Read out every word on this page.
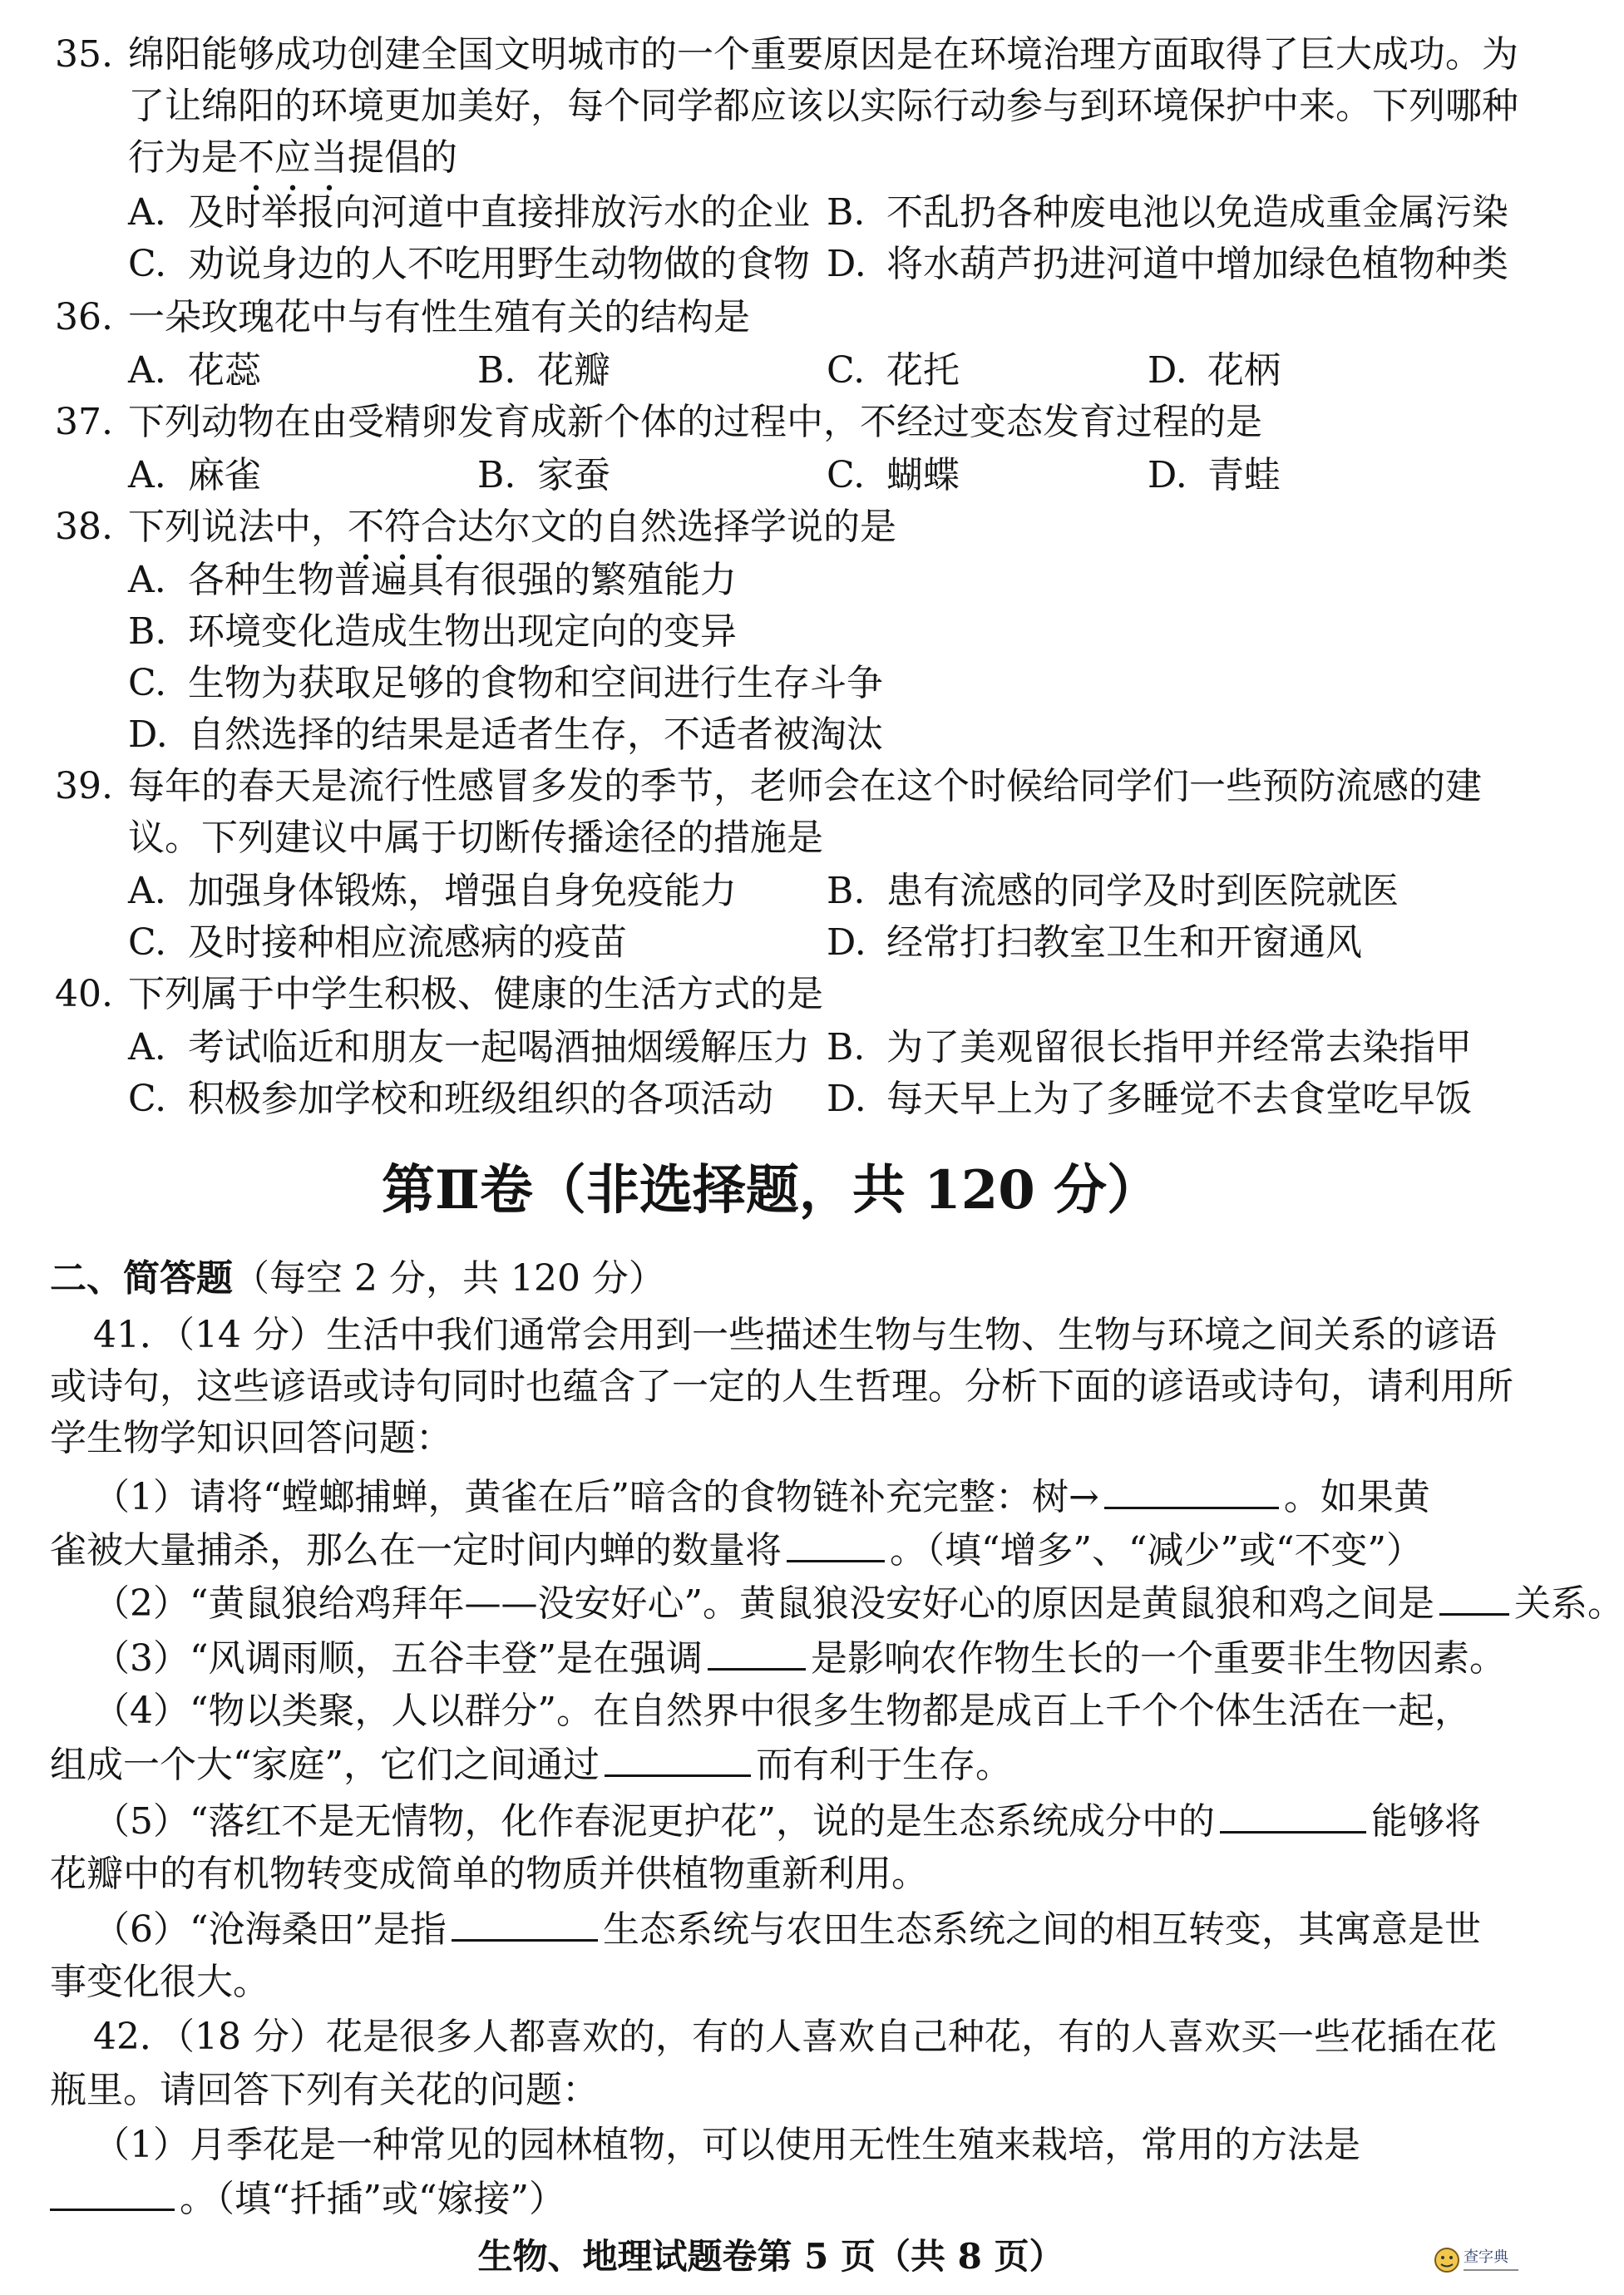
35. 绵阳能够成功创建全国文明城市的一个重要原因是在环境治理方面取得了巨大成功。为
了让绵阳的环境更加美好，每个同学都应该以实际行动参与到环境保护中来。下列哪种
行为是不应当提倡的
A. 及时举报向河道中直接排放污水的企业 B. 不乱扔各种废电池以免造成重金属污染
C. 劝说身边的人不吃用野生动物做的食物 D. 将水葫芦扔进河道中增加绿色植物种类
36. 一朵玫瑰花中与有性生殖有关的结构是
A. 花蕊	B. 花瓣	C. 花托	D. 花柄
37. 下列动物在由受精卵发育成新个体的过程中，不经过变态发育过程的是
A. 麻雀	B. 家蚕	C. 蝴蝶	D. 青蛙
38. 下列说法中，不符合达尔文的自然选择学说的是
A. 各种生物普遍具有很强的繁殖能力
B. 环境变化造成生物出现定向的变异
C. 生物为获取足够的食物和空间进行生存斗争
D. 自然选择的结果是适者生存，不适者被淘汰
39. 每年的春天是流行性感冒多发的季节，老师会在这个时候给同学们一些预防流感的建
议。下列建议中属于切断传播途径的措施是
A. 加强身体锻炼，增强自身免疫能力 B. 患有流感的同学及时到医院就医
C. 及时接种相应流感病的疫苗	D. 经常打扫教室卫生和开窗通风
40. 下列属于中学生积极、健康的生活方式的是
A. 考试临近和朋友一起喝酒抽烟缓解压力 B. 为了美观留很长指甲并经常去染指甲
C. 积极参加学校和班级组织的各项活动 D. 每天早上为了多睡觉不去食堂吃早饭
第Ⅱ卷（非选择题，共 120 分）
二、简答题（每空 2 分，共 120 分）
41．（14 分）生活中我们通常会用到一些描述生物与生物、生物与环境之间关系的谚语
或诗句，这些谚语或诗句同时也蕴含了一定的人生哲理。分析下面的谚语或诗句，请利用所
学生物学知识回答问题：
（1）请将“螳螂捕蝉，黄雀在后”暗含的食物链补充完整：树→	。如果黄
雀被大量捕杀，那么在一定时间内蝉的数量将	。（填“增多”、“减少”或“不变”）
（2）“黄鼠狼给鸡拜年——没安好心”。黄鼠狼没安好心的原因是黄鼠狼和鸡之间是 关系。
（3）“风调雨顺，五谷丰登”是在强调	是影响农作物生长的一个重要非生物因素。
（4）“物以类聚，人以群分”。在自然界中很多生物都是成百上千个个体生活在一起，
组成一个大“家庭”，它们之间通过	而有利于生存。
（5）“落红不是无情物，化作春泥更护花”，说的是生态系统成分中的	能够将
花瓣中的有机物转变成简单的物质并供植物重新利用。
（6）“沧海桑田”是指	生态系统与农田生态系统之间的相互转变，其寓意是世
事变化很大。
42．（18 分）花是很多人都喜欢的，有的人喜欢自己种花，有的人喜欢买一些花插在花
瓶里。请回答下列有关花的问题：
（1）月季花是一种常见的园林植物，可以使用无性生殖来栽培，常用的方法是
。（填“扦插”或“嫁接”）
生物、地理试题卷第 5 页（共 8 页）	查字典
